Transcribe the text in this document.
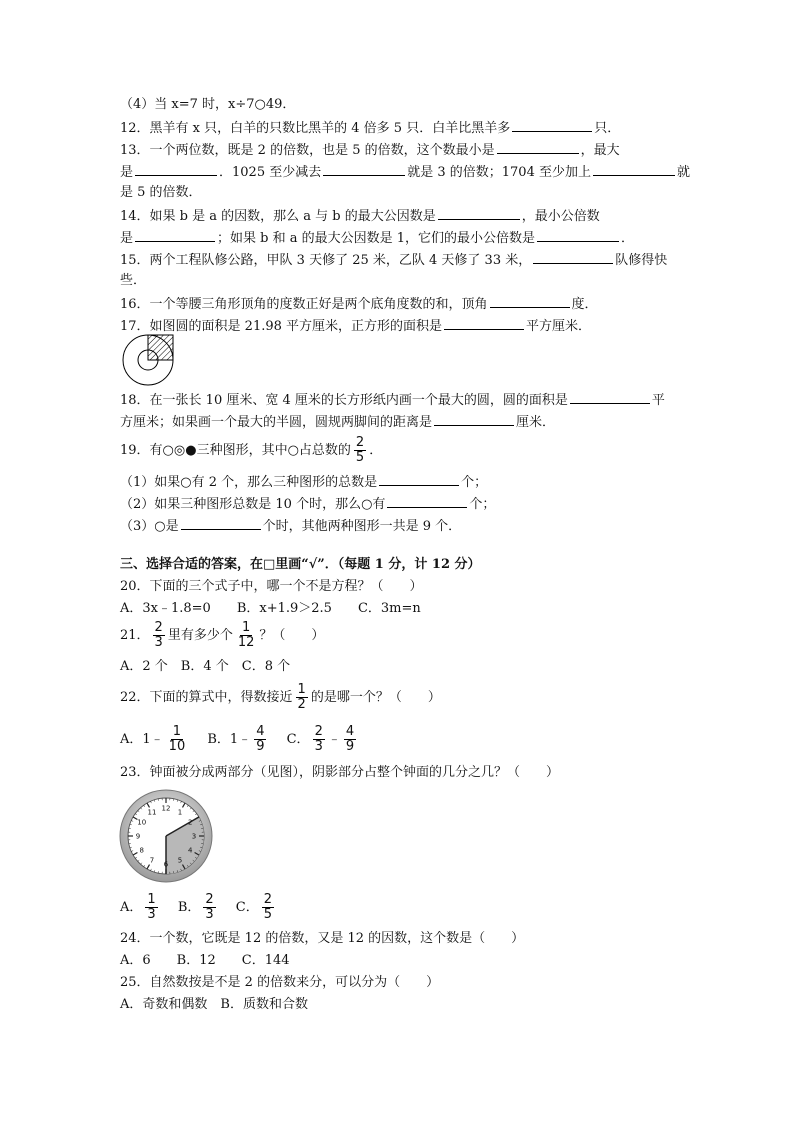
（4）当 x=7 时，x÷7○49．
12．黑羊有 x 只，白羊的只数比黑羊的 4 倍多 5 只．白羊比黑羊多	只．
13．一个两位数，既是 2 的倍数，也是 5 的倍数，这个数最小是	，最大
是	．1025 至少减去	就是 3 的倍数；1704 至少加上	就
是 5 的倍数．
14．如果 b 是 a 的因数，那么 a 与 b 的最大公因数是	，最小公倍数
是	；如果 b 和 a 的最大公因数是 1，它们的最小公倍数是	．
15．两个工程队修公路，甲队 3 天修了 25 米，乙队 4 天修了 33 米，	队修得快
些．
16．一个等腰三角形顶角的度数正好是两个底角度数的和，顶角	度．
17．如图圆的面积是 21.98 平方厘米，正方形的面积是	平方厘米．
18．在一张长 10 厘米、宽 4 厘米的长方形纸内画一个最大的圆，圆的面积是	平
方厘米；如果画一个最大的半圆，圆规两脚间的距离是	厘米．
19．有○◎●三种图形，其中○占总数的 $\frac{2}{5}$ ．
（1）如果○有 2 个，那么三种图形的总数是	个；
（2）如果三种图形总数是 10 个时，那么○有	个；
（3）○是	个时，其他两种图形一共是 9 个．
三、选择合适的答案，在□里画“√”．（每题 1 分，计 12 分）
20．下面的三个式子中，哪一个不是方程？（　　）
A．3x﹣1.8=0　　B．x+1.9＞2.5　　C．3m=n
21． $\frac{2}{3}$ 里有多少个 $\frac{1}{12}$ ？（　　）
A．2 个　B．4 个　C．8 个
22．下面的算式中，得数接近 $\frac{1}{2}$ 的是哪一个？（　　）
A．1﹣ $\frac{1}{10}$
  B．1﹣ $\frac{4}{9}$
  C． $\frac{2}{3}$ ﹣ $\frac{4}{9}$
23．钟面被分成两部分（见图），阴影部分占整个钟面的几分之几？（　　）
12 1
2
3
4
5
6
7
8
9
10
11
A． $\frac{1}{3}$
  B． $\frac{2}{3}$
  C． $\frac{2}{5}$
24．一个数，它既是 12 的倍数，又是 12 的因数，这个数是（　　）
A．6　　B．12　　C．144
25．自然数按是不是 2 的倍数来分，可以分为（　　）
A．奇数和偶数　B．质数和合数
